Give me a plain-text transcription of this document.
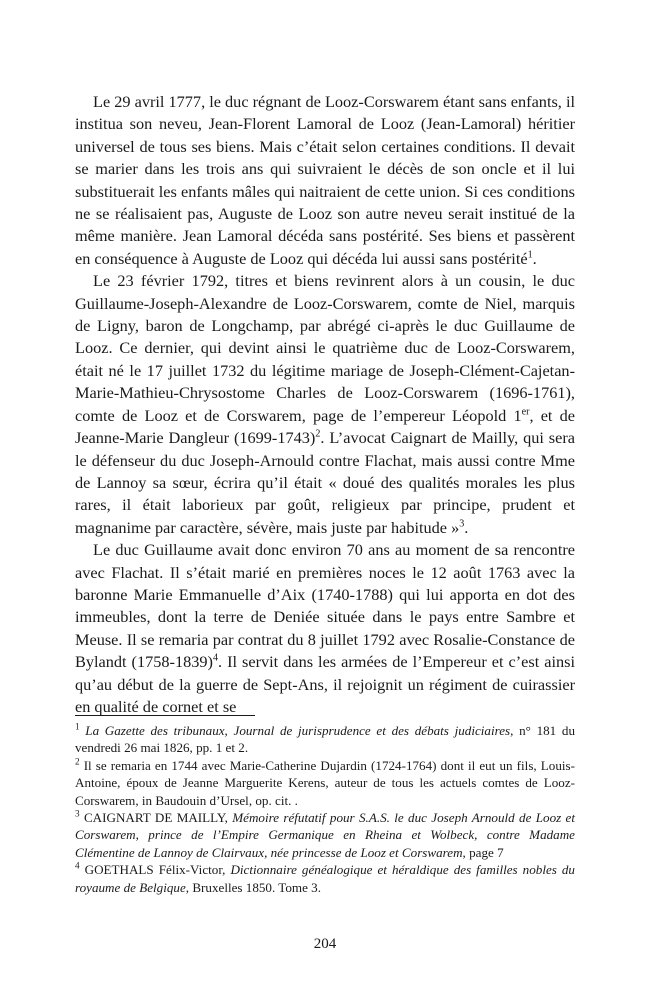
Le 29 avril 1777, le duc régnant de Looz-Corswarem étant sans enfants, il institua son neveu, Jean-Florent Lamoral de Looz (Jean-Lamoral) héritier universel de tous ses biens. Mais c’était selon certaines conditions. Il devait se marier dans les trois ans qui suivraient le décès de son oncle et il lui substituerait les enfants mâles qui naitraient de cette union. Si ces conditions ne se réalisaient pas, Auguste de Looz son autre neveu serait institué de la même manière. Jean Lamoral décéda sans postérité. Ses biens et passèrent en conséquence à Auguste de Looz qui décéda lui aussi sans postérité$^1$.

Le 23 février 1792, titres et biens revinrent alors à un cousin, le duc Guillaume-Joseph-Alexandre de Looz-Corswarem, comte de Niel, marquis de Ligny, baron de Longchamp, par abrégé ci-après le duc Guillaume de Looz. Ce dernier, qui devint ainsi le quatrième duc de Looz-Corswarem, était né le 17 juillet 1732 du légitime mariage de Joseph-Clément-Cajetan-Marie-Mathieu-Chrysostome Charles de Looz-Corswarem (1696-1761), comte de Looz et de Corswarem, page de l’empereur Léopold 1er, et de Jeanne-Marie Dangleur (1699-1743)$^2$. L’avocat Caignart de Mailly, qui sera le défenseur du duc Joseph-Arnould contre Flachat, mais aussi contre Mme de Lannoy sa sœur, écrira qu’il était « doué des qualités morales les plus rares, il était laborieux par goût, religieux par principe, prudent et magnanime par caractère, sévère, mais juste par habitude »$^3$.

Le duc Guillaume avait donc environ 70 ans au moment de sa rencontre avec Flachat. Il s’était marié en premières noces le 12 août 1763 avec la baronne Marie Emmanuelle d’Aix (1740-1788) qui lui apporta en dot des immeubles, dont la terre de Deniée située dans le pays entre Sambre et Meuse. Il se remaria par contrat du 8 juillet 1792 avec Rosalie-Constance de Bylandt (1758-1839)$^4$. Il servit dans les armées de l’Empereur et c’est ainsi qu’au début de la guerre de Sept-Ans, il rejoignit un régiment de cuirassier en qualité de cornet et se

$^1$ La Gazette des tribunaux, Journal de jurisprudence et des débats judiciaires, n° 181 du vendredi 26 mai 1826, pp. 1 et 2.

$^2$ Il se remaria en 1744 avec Marie-Catherine Dujardin (1724-1764) dont il eut un fils, Louis-Antoine, époux de Jeanne Marguerite Kerens, auteur de tous les actuels comtes de Looz-Corswarem, in Baudouin d’Ursel, op. cit. .

$^3$ CAIGNART DE MAILLY, Mémoire réfutatif pour S.A.S. le duc Joseph Arnould de Looz et Corswarem, prince de l’Empire Germanique en Rheina et Wolbeck, contre Madame Clémentine de Lannoy de Clairvaux, née princesse de Looz et Corswarem, page 7

$^4$ GOETHALS Félix-Victor, Dictionnaire généalogique et héraldique des familles nobles du royaume de Belgique, Bruxelles 1850. Tome 3.

204
